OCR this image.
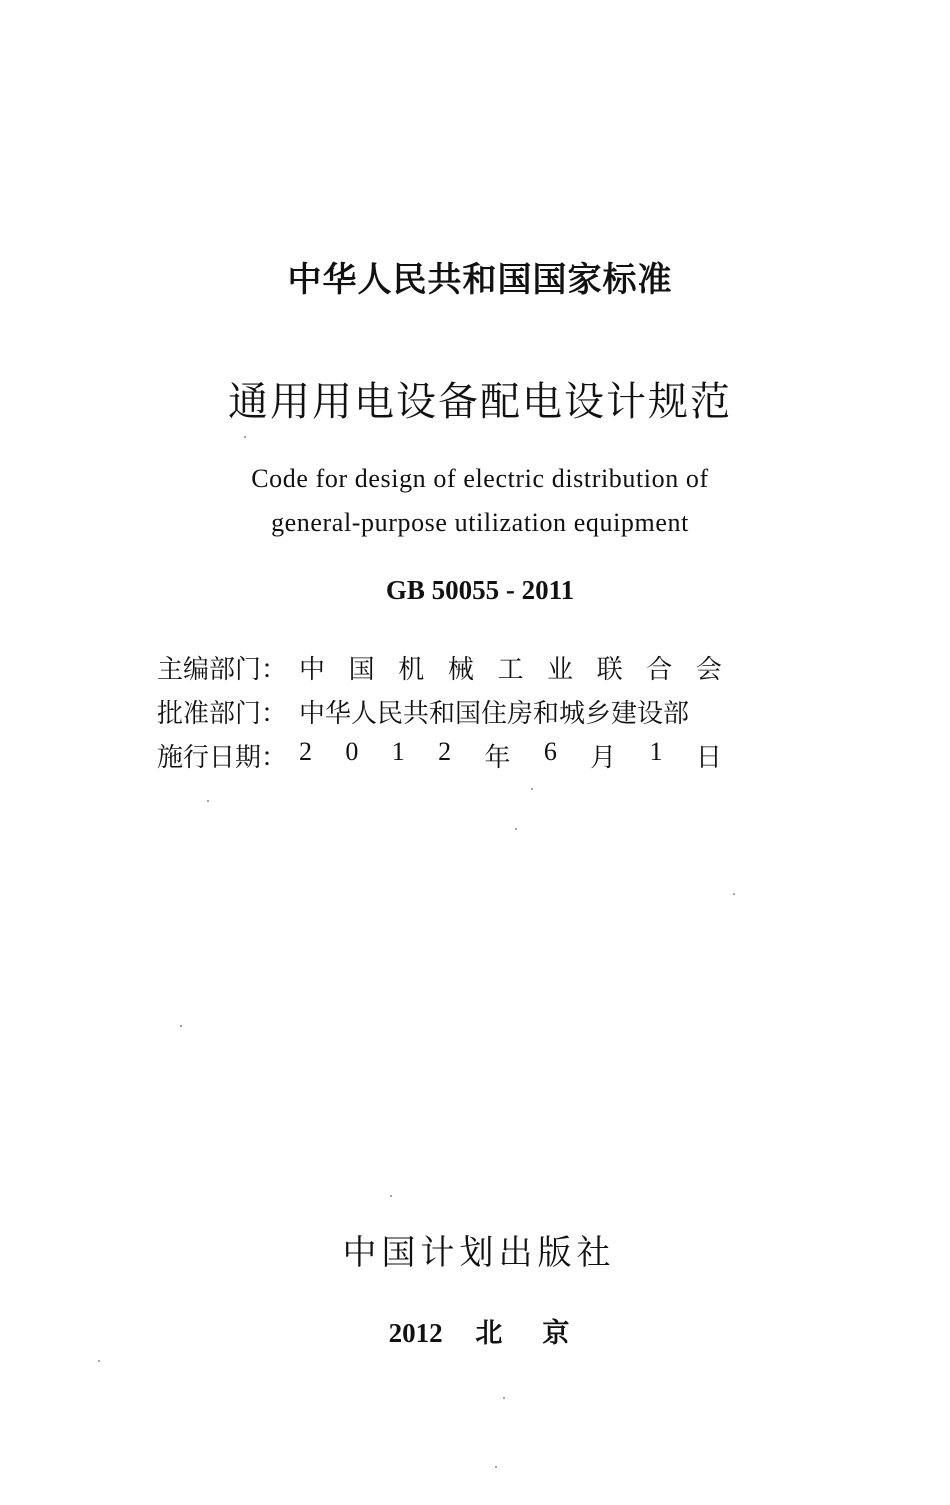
中华人民共和国国家标准
通用用电设备配电设计规范
Code for design of electric distribution of
general-purpose utilization equipment
GB 50055 - 2011
主编部门： 中 国 机 械 工 业 联 合 会
批准部门： 中华人民共和国住房和城乡建设部
施行日期： 2 0 1 2 年 6 月 1 日
中国计划出版社
2012 北 京
